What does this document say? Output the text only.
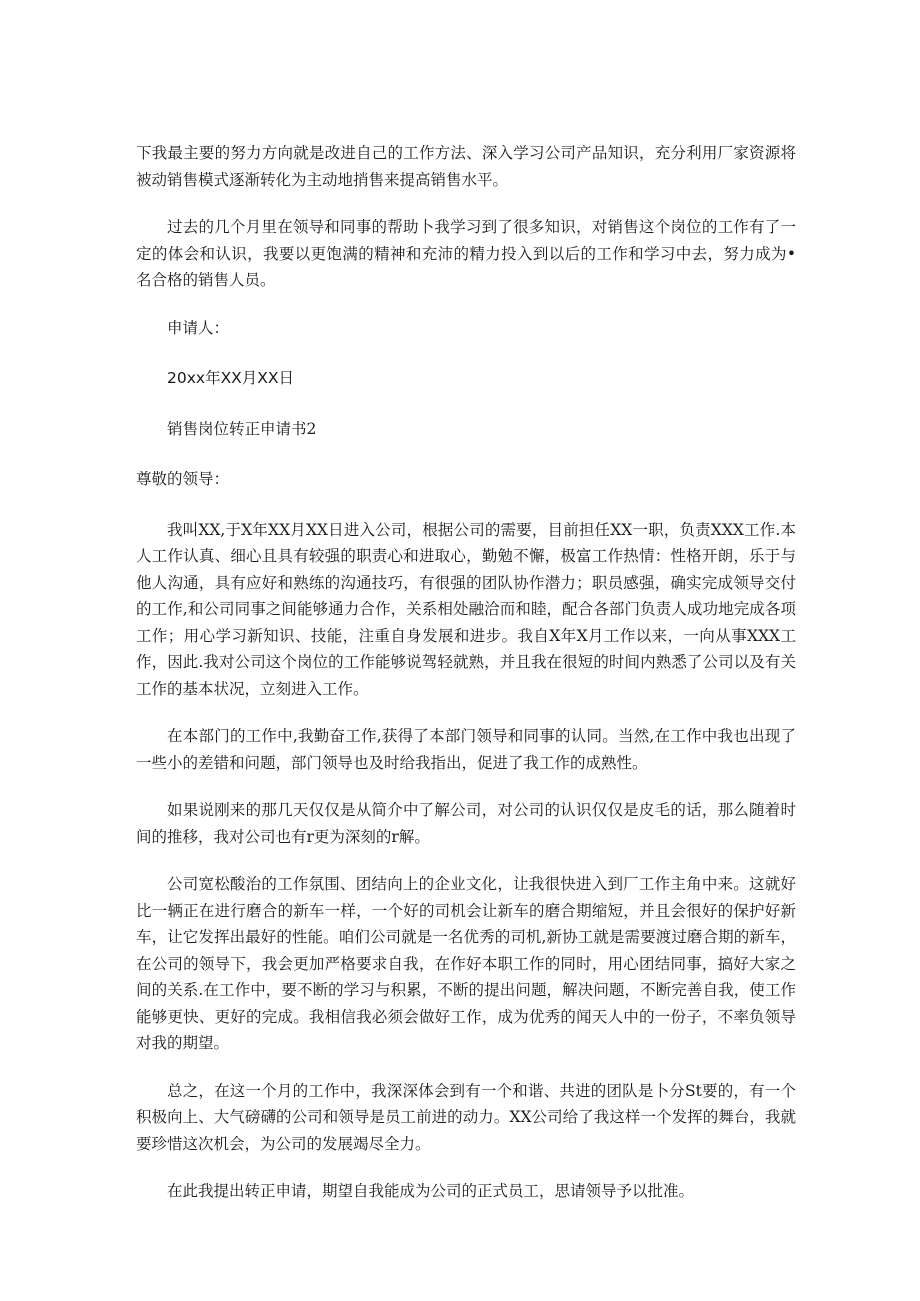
下我最主要的努力方向就是改进自己的工作方法、深入学习公司产品知识，充分利用厂家资源将被动销售模式逐渐转化为主动地捎售来提高销售水平。

过去的几个月里在领导和同事的帮助卜我学习到了很多知识，对销售这个岗位的工作有了一定的体会和认识，我要以更饱满的精神和充沛的精力投入到以后的工作和学习中去，努力成为•名合格的销售人员。

申请人：

20xx年XX月XX日

销售岗位转正申请书2

尊敬的领导：

我叫XX,于X年XX月XX日进入公司，根据公司的需要，目前担任XX一职，负责XXX工作.本人工作认真、细心且具有较强的职责心和进取心，勤勉不懈，极富工作热情：性格开朗，乐于与他人沟通，具有应好和熟练的沟通技巧，有很强的团队协作潜力；职员感强，确实完成领导交付的工作,和公司同事之间能够通力合作，关系相处融洽而和睦，配合各部门负责人成功地完成各项工作；用心学习新知识、技能，注重自身发展和进步。我自X年X月工作以来，一向从事XXX工作，因此.我对公司这个岗位的工作能够说驾轻就熟，并且我在很短的时间内熟悉了公司以及有关工作的基本状况，立刻进入工作。

在本部门的工作中,我勤奋工作,获得了本部门领导和同事的认同。当然,在工作中我也出现了一些小的差错和问题，部门领导也及时给我指出，促进了我工作的成熟性。

如果说刚来的那几天仅仅是从简介中了解公司，对公司的认识仅仅是皮毛的话，那么随着时间的推移，我对公司也有r更为深刻的r解。

公司宽松酸治的工作氛围、团结向上的企业文化，让我很快进入到厂工作主角中来。这就好比一辆正在进行磨合的新车一样，一个好的司机会让新车的磨合期缩短，并且会很好的保护好新车，让它发挥出最好的性能。咱们公司就是一名优秀的司机,新协工就是需要渡过磨合期的新车，在公司的领导下，我会更加严格要求自我，在作好本职工作的同时，用心团结同事，搞好大家之间的关系.在工作中，要不断的学习与积累，不断的提出问题，解决问题，不断完善自我，使工作能够更快、更好的完成。我相信我必须会做好工作，成为优秀的闻天人中的一份子，不率负领导对我的期望。

总之，在这一个月的工作中，我深深体会到有一个和谐、共进的团队是卜分St要的，有一个积极向上、大气磅礴的公司和领导是员工前进的动力。XX公司给了我这样一个发挥的舞台，我就要珍惜这次机会，为公司的发展竭尽全力。

在此我提出转正申请，期望自我能成为公司的正式员工，思请领导予以批准。
